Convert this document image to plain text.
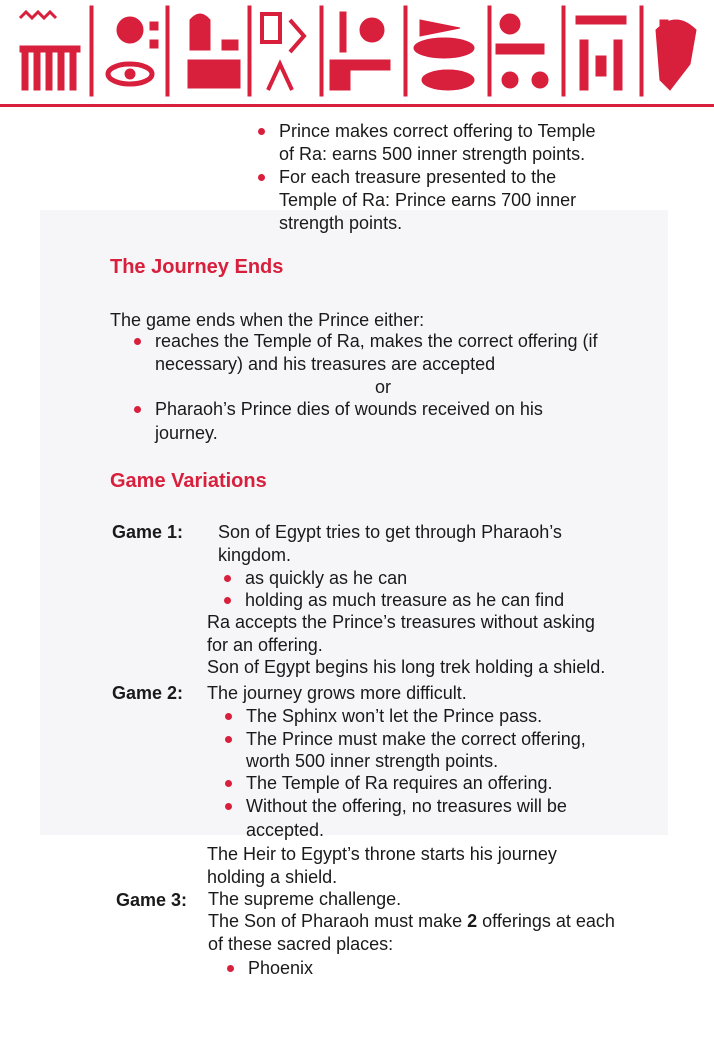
Prince makes correct offering to Temple
of Ra: earns 500 inner strength points.
For each treasure presented to the
Temple of Ra: Prince earns 700 inner
strength points.
The Journey Ends
The game ends when the Prince either:
reaches the Temple of Ra, makes the correct offering (if
necessary) and his treasures are accepted
or
Pharaoh’s Prince dies of wounds received on his
journey.
Game Variations
Game 1: Son of Egypt tries to get through Pharaoh’s
kingdom.
as quickly as he can
holding as much treasure as he can find
Ra accepts the Prince’s treasures without asking
for an offering.
Son of Egypt begins his long trek holding a shield.
Game 2: The journey grows more difficult.
The Sphinx won’t let the Prince pass.
The Prince must make the correct offering,
worth 500 inner strength points.
The Temple of Ra requires an offering.
Without the offering, no treasures will be
accepted.
The Heir to Egypt’s throne starts his journey
holding a shield.
Game 3: The supreme challenge.
The Son of Pharaoh must make 2 offerings at each
of these sacred places:
Phoenix
